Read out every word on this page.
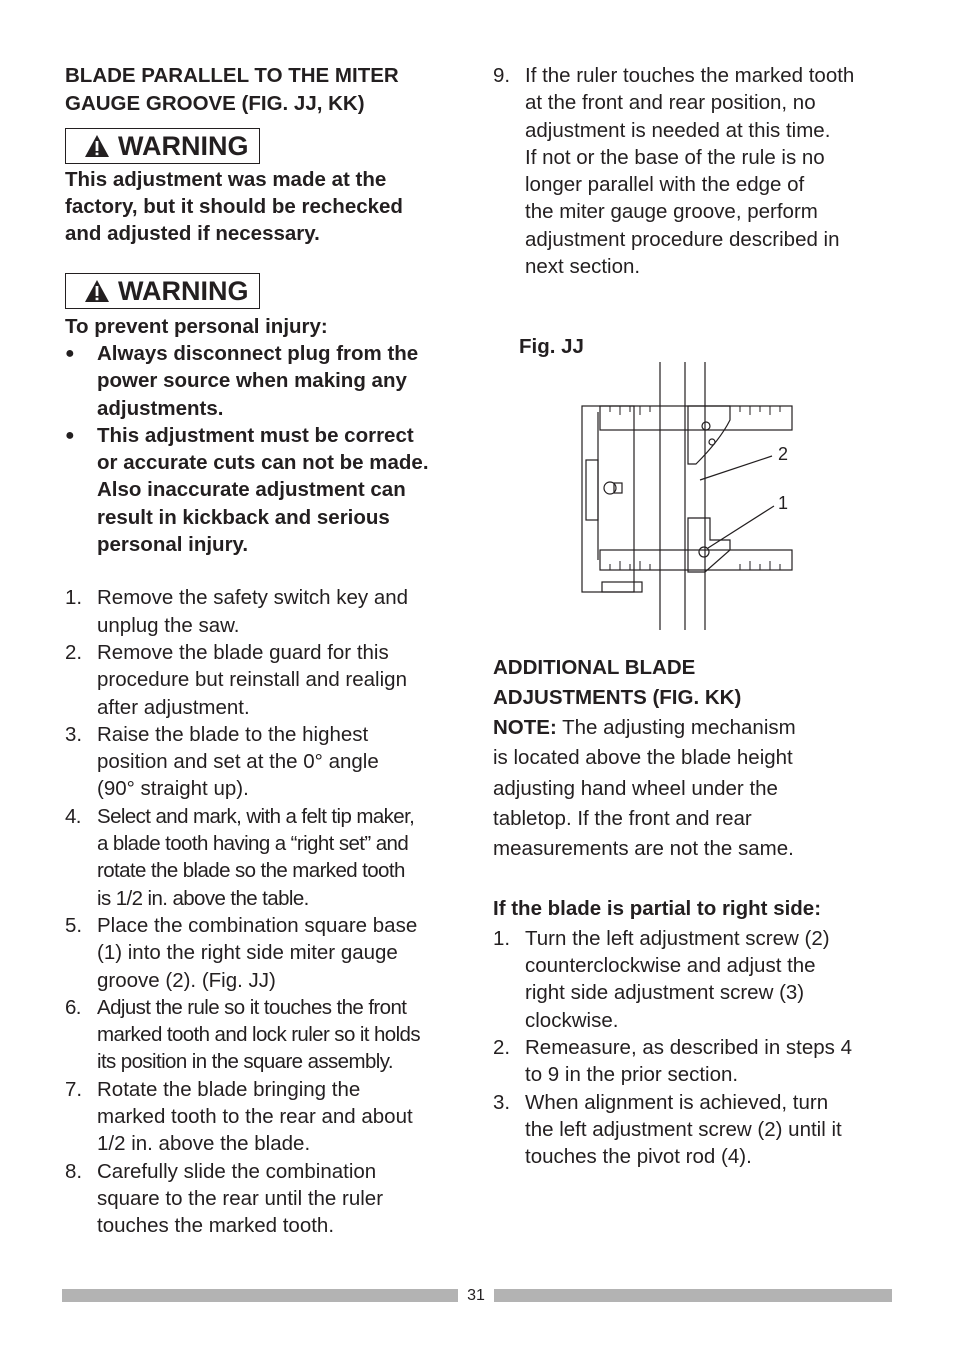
BLADE PARALLEL TO THE MITER
GAUGE GROOVE (FIG. JJ, KK)

WARNING

This adjustment was made at the
factory, but it should be rechecked
and adjusted if necessary.

WARNING

To prevent personal injury:

● Always disconnect plug from the
power source when making any
adjustments.
● This adjustment must be correct
or accurate cuts can not be made.
Also inaccurate adjustment can
result in kickback and serious
personal injury.
1. Remove the safety switch key and
unplug the saw.
2. Remove the blade guard for this
procedure but reinstall and realign
after adjustment.
3. Raise the blade to the highest
position and set at the 0° angle
(90° straight up).
4. Select and mark, with a felt tip maker,
a blade tooth having a “right set” and
rotate the blade so the marked tooth
is 1/2 in. above the table.
5. Place the combination square base
(1) into the right side miter gauge
groove (2). (Fig. JJ)
6. Adjust the rule so it touches the front
marked tooth and lock ruler so it holds
its position in the square assembly.
7. Rotate the blade bringing the
marked tooth to the rear and about
1/2 in. above the blade.
8. Carefully slide the combination
square to the rear until the ruler
touches the marked tooth.
9. If the ruler touches the marked tooth
at the front and rear position, no
adjustment is needed at this time.
If not or the base of the rule is no
longer parallel with the edge of
the miter gauge groove, perform
adjustment procedure described in
next section.
Fig. JJ
2
1

ADDITIONAL BLADE
ADJUSTMENTS (FIG. KK)

NOTE: The adjusting mechanism
is located above the blade height
adjusting hand wheel under the
tabletop. If the front and rear
measurements are not the same.

If the blade is partial to right side:

1. Turn the left adjustment screw (2)
counterclockwise and adjust the
right side adjustment screw (3)
clockwise.
2. Remeasure, as described in steps 4
to 9 in the prior section.
3. When alignment is achieved, turn
the left adjustment screw (2) until it
touches the pivot rod (4).
31
